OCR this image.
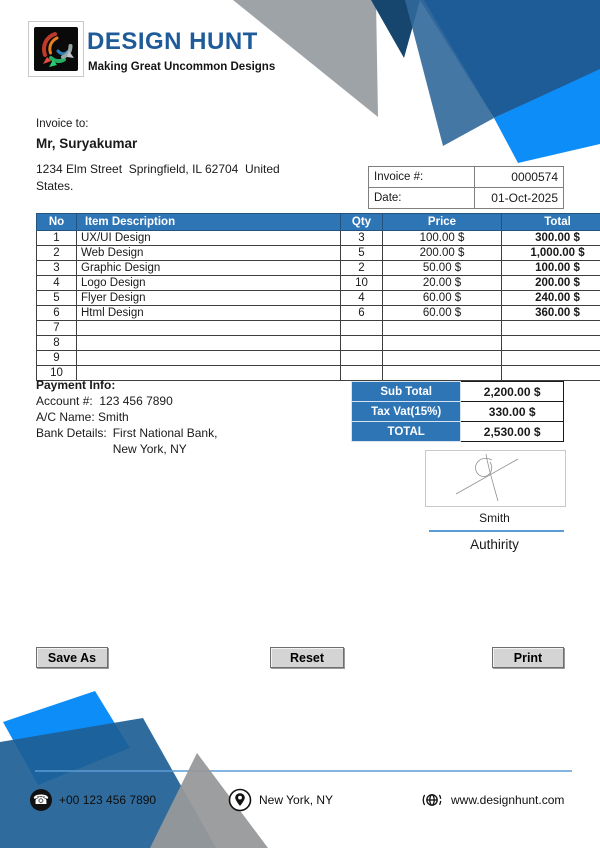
DESIGN HUNT
Making Great Uncommon Designs
Invoice to:
Mr, Suryakumar
1234 Elm Street  Springfield, IL 62704  United
States.
Invoice #:	0000574
Date:	01-Oct-2025
No	Item Description	Qty	Price	Total
1	UX/UI Design	3	100.00 $	300.00 $
2	Web Design	5	200.00 $	1,000.00 $
3	Graphic Design	2	50.00 $	100.00 $
4	Logo Design	10	20.00 $	200.00 $
5	Flyer Design	4	60.00 $	240.00 $
6	Html Design	6	60.00 $	360.00 $
7				
8				
9				
10				
Payment Info:
Account #: 123 456 7890
A/C Name: Smith
Bank Details: First National Bank,
New York, NY
Sub Total	2,200.00 $
Tax Vat(15%)	330.00 $
TOTAL	2,530.00 $
Smith
Authirity
Save As	Reset	Print
☎ +00 123 456 7890	New York, NY	www.designhunt.com
